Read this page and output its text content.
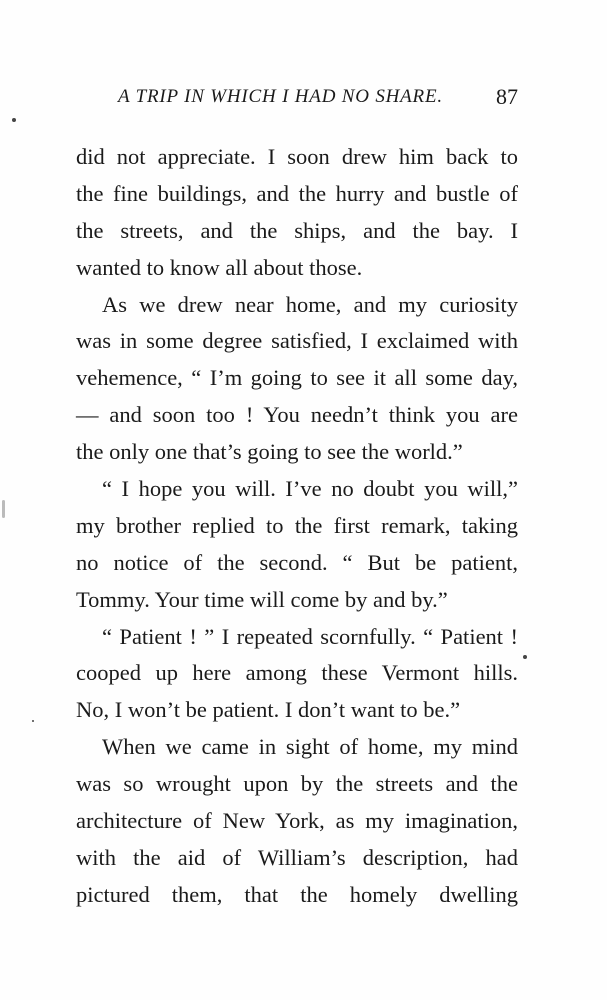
A TRIP IN WHICH I HAD NO SHARE. 87
did not appreciate. I soon drew him back to
the fine buildings, and the hurry and bustle of
the streets, and the ships, and the bay. I
wanted to know all about those.
As we drew near home, and my curiosity
was in some degree satisfied, I exclaimed with
vehemence, “ I’m going to see it all some day,
— and soon too ! You needn’t think you are
the only one that’s going to see the world.”
“ I hope you will. I’ve no doubt you will,”
my brother replied to the first remark, taking
no notice of the second. “ But be patient,
Tommy. Your time will come by and by.”
“ Patient ! ” I repeated scornfully. “ Patient !
cooped up here among these Vermont hills.
No, I won’t be patient. I don’t want to be.”
When we came in sight of home, my mind
was so wrought upon by the streets and the
architecture of New York, as my imagination,
with the aid of William’s description, had
pictured them, that the homely dwelling
